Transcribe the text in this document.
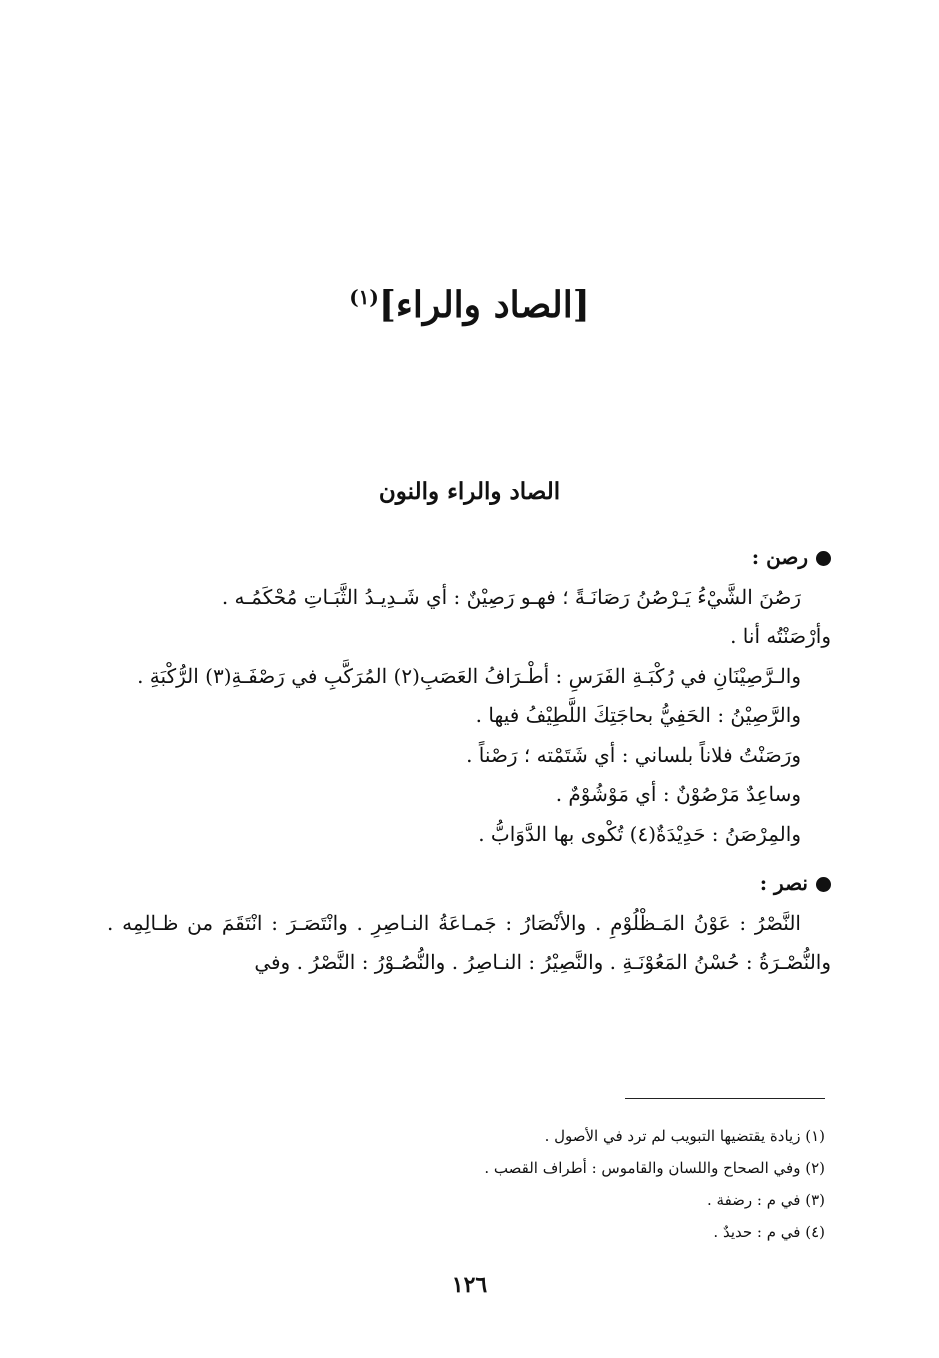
[الصاد والراء]$^{(١)}$
الصاد والراء والنون
رصن :
رَصُنَ الشَّيْءُ يَـرْصُنُ رَصَانَـةً ؛ فهـو رَصِيْنٌ : أي شَـدِيـدُ الثَّبَـاتِ مُحْكَمُـه .
وأرْصَنْتُه أنا .
والـرَّصِيْنَانِ في رُكْبَـةِ الفَرَسِ : أطْـرَافُ العَصَبِ(٢) المُرَكَّبِ في رَصْفَـةِ(٣) الرُّكْبَةِ .
والرَّصِيْنُ : الحَفِيُّ بحاجَتِكَ اللَّطِيْفُ فيها .
ورَصَنْتُ فلاناً بلساني : أي شَتَمْته ؛ رَصْناً .
وساعِدٌ مَرْصُوْنٌ : أي مَوْشُوْمٌ .
والمِرْصَنُ : حَدِيْدَةٌ(٤) تُكْوى بها الدَّوَابُّ .
نصر :
النَّصْرُ : عَوْنُ المَـظْلُوْمِ . والأنْصَارُ : جَمـاعَةُ النـاصِرِ . وانْتَصَـرَ : انْتَقَمَ من ظـالِمِه . والنُّصْـرَةُ : حُسْنُ المَعُوْنَـةِ . والنَّصِيْرُ : النـاصِرُ . والنُّصُـوْرُ : النَّصْرُ . وفي
(١) زيادة يقتضيها التبويب لم ترد في الأصول .
(٢) وفي الصحاح واللسان والقاموس : أطراف القصب .
(٣) في م : رضفة .
(٤) في م : حديدٌ .
١٢٦
